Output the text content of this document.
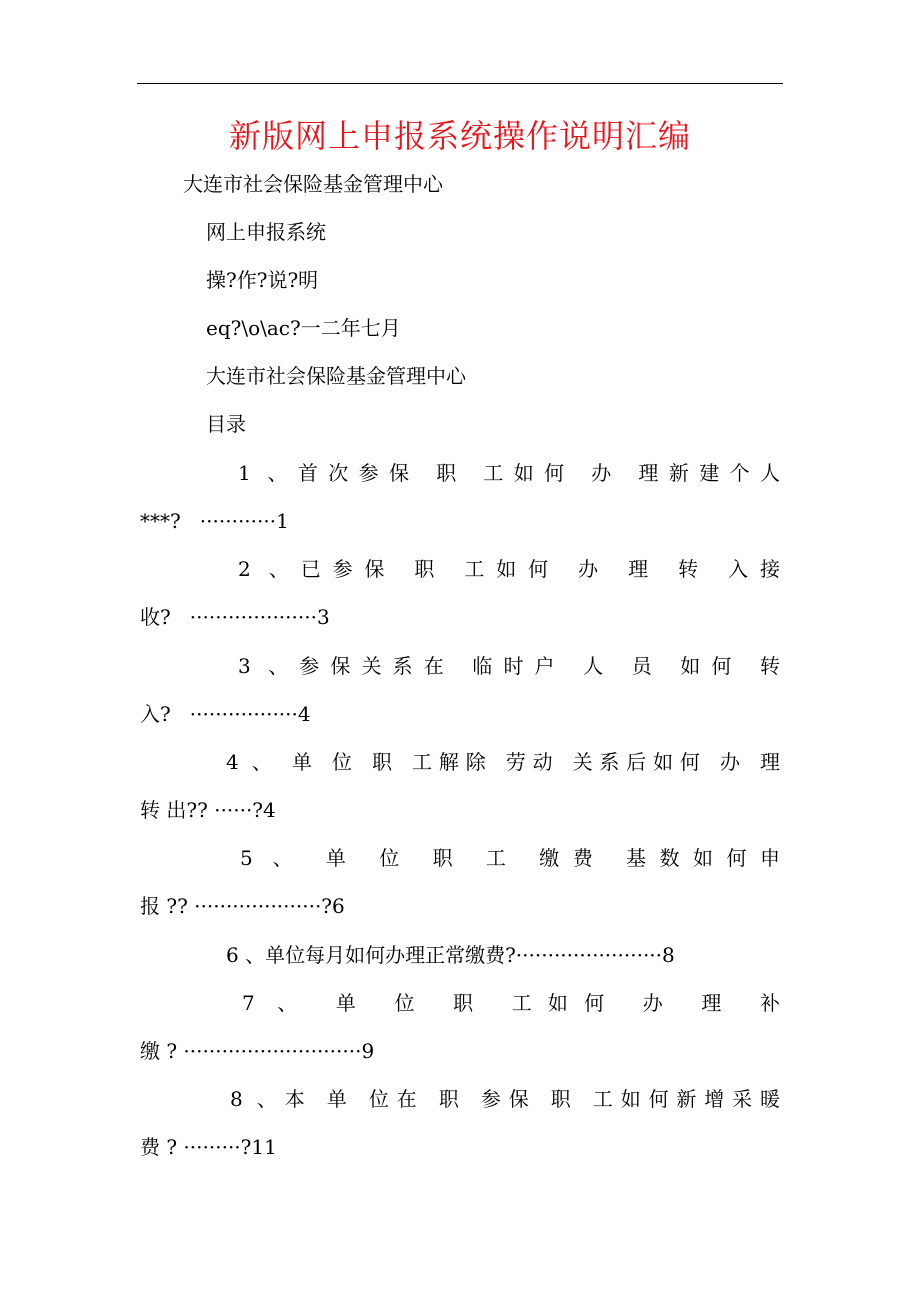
新版网上申报系统操作说明汇编
大连市社会保险基金管理中心
网上申报系统
操?作?说?明
eq?\o\ac?一二年七月
大连市社会保险基金管理中心
目录
1 、首次参保 职 工如何 办 理新建个人
***?   ············1
2 、已参保 职 工如何 办 理 转 入接
收?   ····················3
3 、参保关系在 临时户 人 员 如何 转
入?   ·················4
4 、 单 位 职 工解除 劳动 关系后如何 办 理
转 出?? ······?4
5 、 单 位 职 工 缴费 基数如何申
报 ?? ····················?6
6 、单位每月如何办理正常缴费?·······················8
7 、 单 位 职 工如何 办 理 补
缴 ? ····························9
8 、本 单 位在 职 参保 职 工如何新增采暖
费 ? ·········?11
